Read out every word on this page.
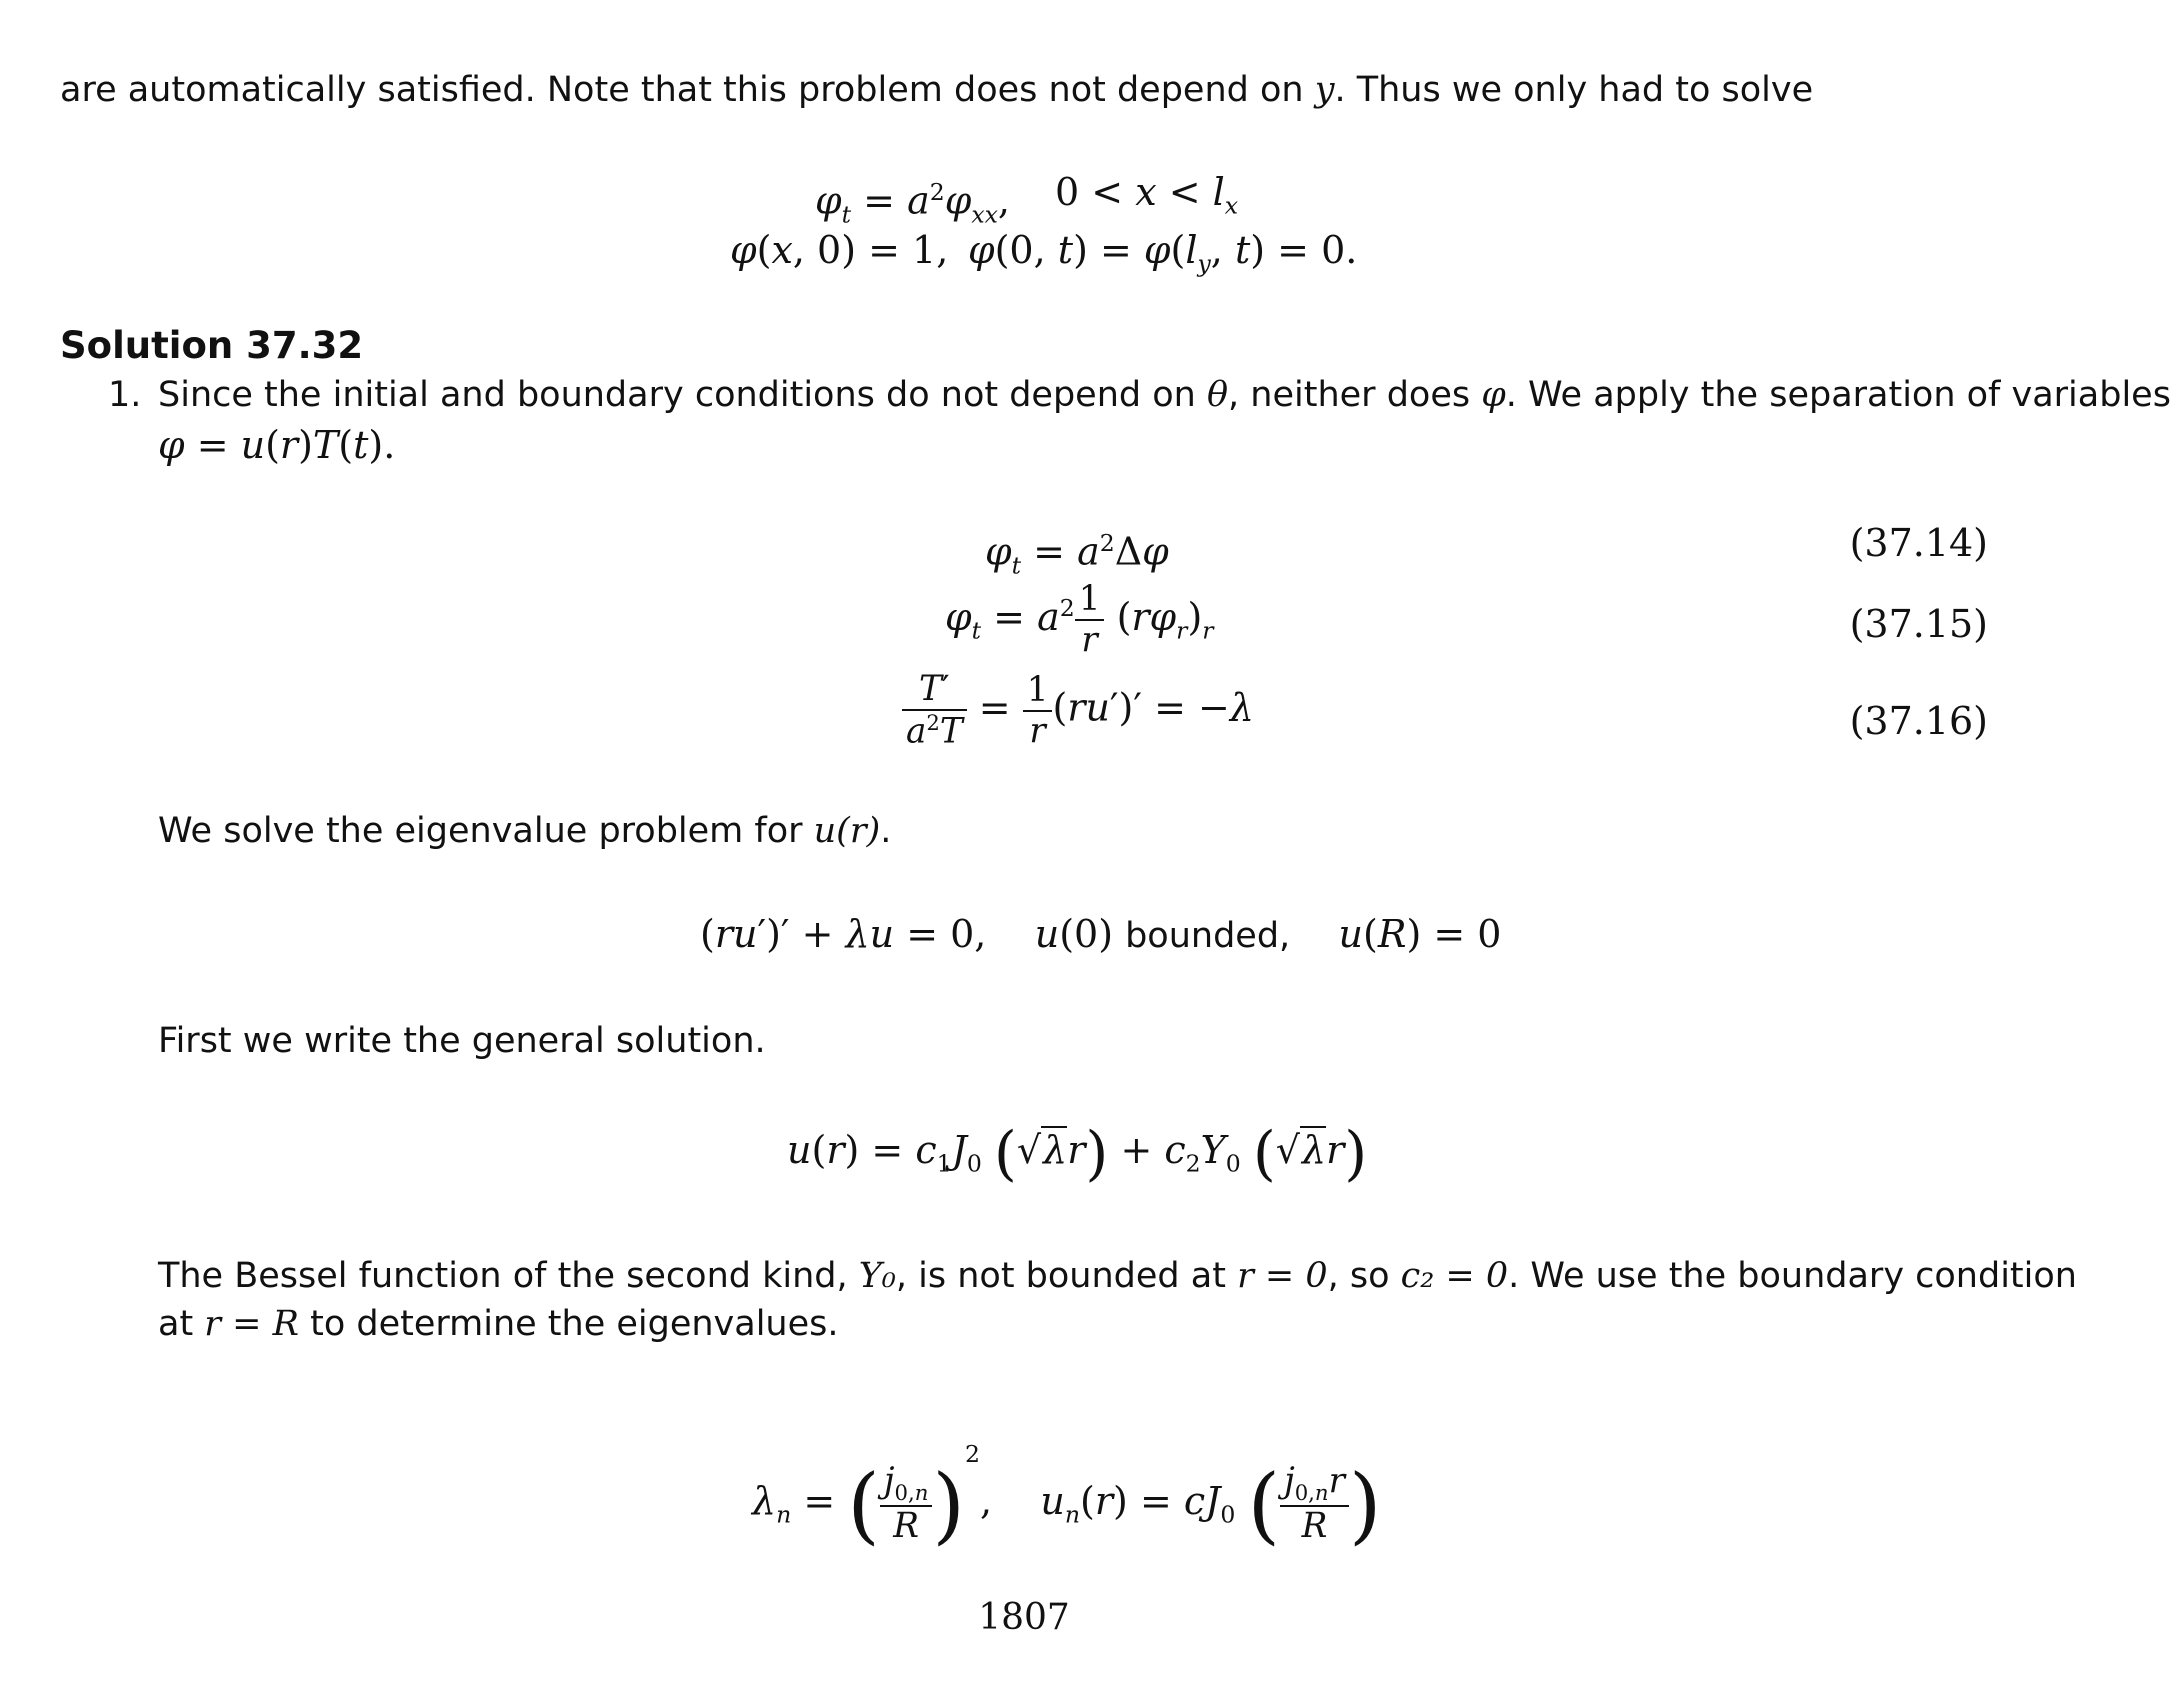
are automatically satisfied. Note that this problem does not depend on y. Thus we only had to solve
$\varphi_t = a^2\varphi_{xx}$, $0 < x < l_x$
φ(x, 0) = 1, φ(0, $t) = \varphi(l_y$, t) = 0.
Solution 37.32
1. Since the initial and boundary conditions do not depend on θ, neither does φ. We apply the separation of variables
φ = u(r)T(t).
$\varphi_t = a^2\Delta\varphi$	(37.14)
$\varphi_t = a^2 \frac{1}{r} (r\varphi_r)_r$	(37.15)
$\frac{T'}{a^2T} = \frac{1}{r} (ru')' = -\lambda$	(37.16)
We solve the eigenvalue problem for u(r).
(ru′)′ + λu = 0,    u(0) bounded, u(R) = 0
First we write the general solution.
$u(r) = c_1J_0$ $(√\lambda r) + c_2Y_0$ (√λr)
The Bessel function of the second kind, Y₀, is not bounded at r = 0, so c₂ = 0. We use the boundary condition
at r = R to determine the eigenvalues.
$\lambda_n$ = ( $\frac{j_{0,n}}{R} )^2$,    $u_n(r) = cJ_0$ ( $\frac{j_{0,n}r}{R}$ )
1807
